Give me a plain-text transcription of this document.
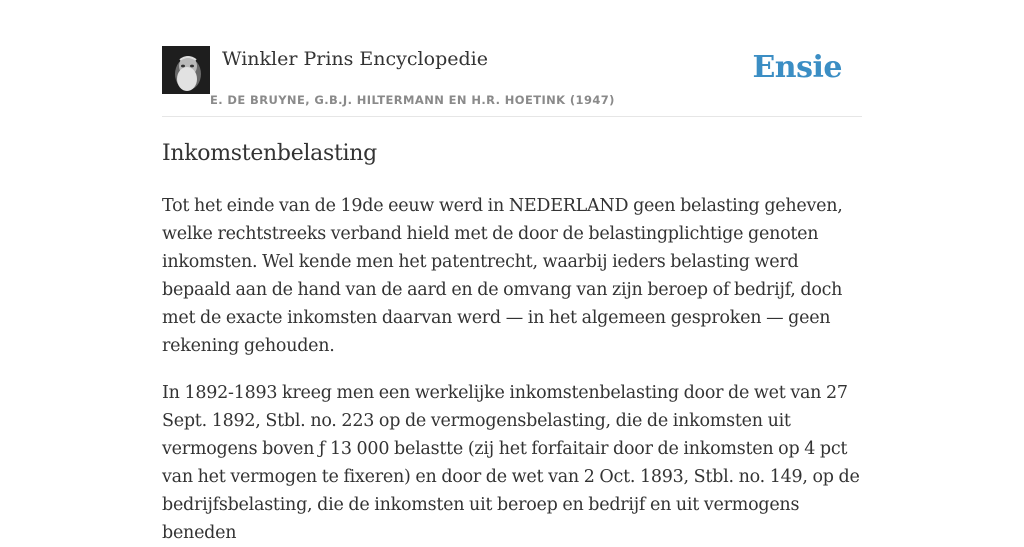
Winkler Prins Encyclopedie
E. DE BRUYNE, G.B.J. HILTERMANN EN H.R. HOETINK (1947)
Ensie
Inkomstenbelasting

Tot het einde van de 19de eeuw werd in NEDERLAND geen belasting geheven, welke rechtstreeks verband hield met de door de belastingplichtige genoten inkomsten. Wel kende men het patentrecht, waarbij ieders belasting werd bepaald aan de hand van de aard en de omvang van zijn beroep of bedrijf, doch met de exacte inkomsten daarvan werd — in het algemeen gesproken — geen rekening gehouden.

In 1892-1893 kreeg men een werkelijke inkomstenbelasting door de wet van 27 Sept. 1892, Stbl. no. 223 op de vermogensbelasting, die de inkomsten uit vermogens boven ƒ 13 000 belastte (zij het forfaitair door de inkomsten op 4 pct van het vermogen te fixeren) en door de wet van 2 Oct. 1893, Stbl. no. 149, op de bedrijfsbelasting, die de inkomsten uit beroep en bedrijf en uit vermogens beneden
